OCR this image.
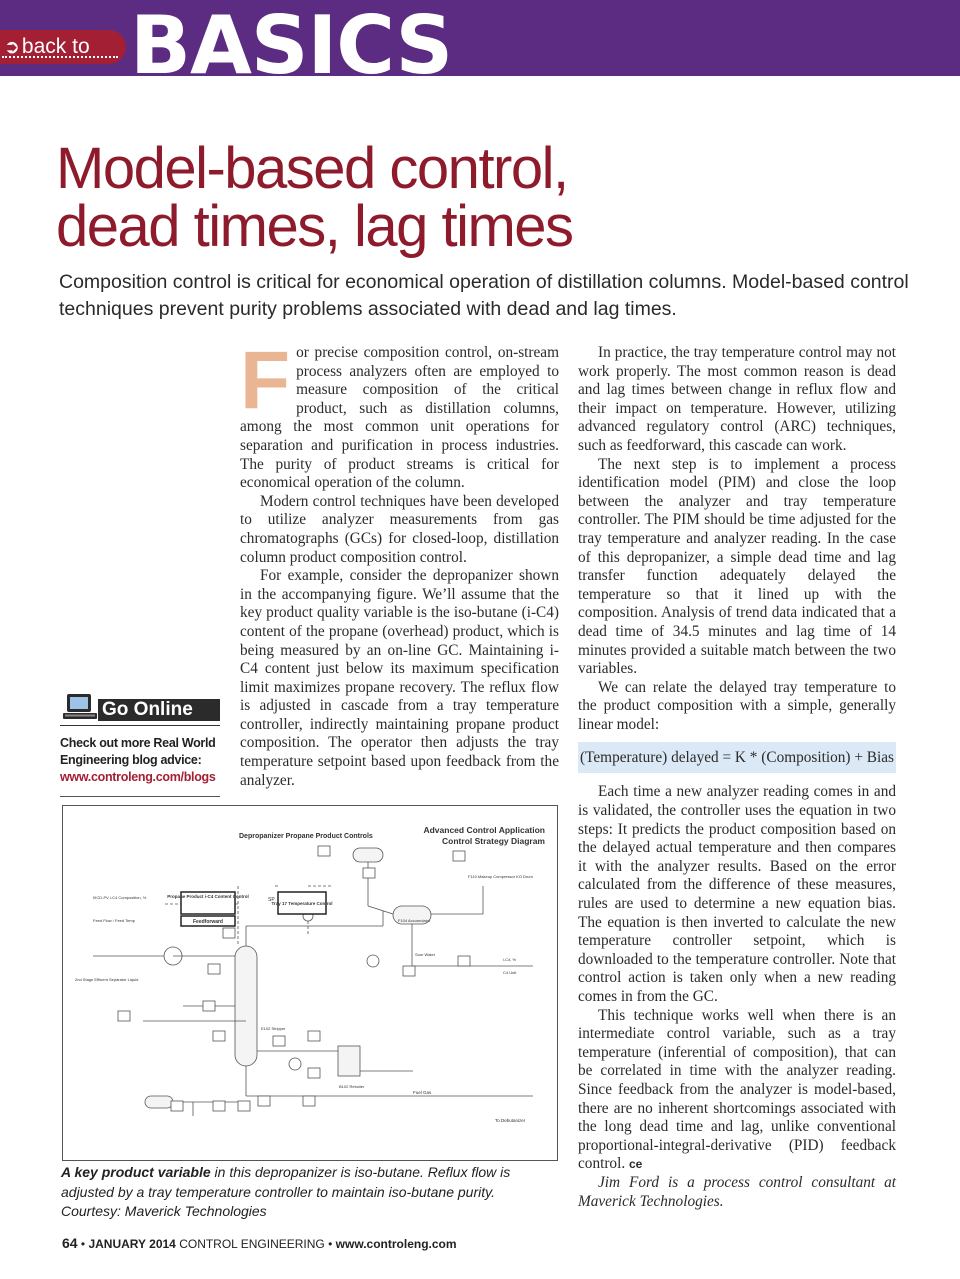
➲back to BASICS
Model-based control,
dead times, lag times

Composition control is critical for economical operation of distillation columns. Model-based control techniques prevent purity problems associated with dead and lag times.

Go Online
Check out more Real World Engineering blog advice:
www.controleng.com/blogs

For precise composition control, on-stream process analyzers often are employed to measure composition of the critical product, such as distillation columns, among the most common unit operations for separation and purification in process industries. The purity of product streams is critical for economical operation of the column.

Modern control techniques have been developed to utilize analyzer measurements from gas chromatographs (GCs) for closed-loop, distillation column product composition control.

For example, consider the depropanizer shown in the accompanying figure. We’ll assume that the key product quality variable is the iso-butane (i-C4) content of the propane (overhead) product, which is being measured by an on-line GC. Maintaining i-C4 content just below its maximum specification limit maximizes propane recovery. The reflux flow is adjusted in cascade from a tray temperature controller, indirectly maintaining propane product composition. The operator then adjusts the tray temperature setpoint based upon feedback from the analyzer.

In practice, the tray temperature control may not work properly. The most common reason is dead and lag times between change in reflux flow and their impact on temperature. However, utilizing advanced regulatory control (ARC) techniques, such as feedforward, this cascade can work.

The next step is to implement a process identification model (PIM) and close the loop between the analyzer and tray temperature controller. The PIM should be time adjusted for the tray temperature and analyzer reading. In the case of this depropanizer, a simple dead time and lag transfer function adequately delayed the temperature so that it lined up with the composition. Analysis of trend data indicated that a dead time of 34.5 minutes and lag time of 14 minutes provided a suitable match between the two variables.

We can relate the delayed tray temperature to the product composition with a simple, generally linear model:

(Temperature) delayed = K * (Composition) + Bias

Each time a new analyzer reading comes in and is validated, the controller uses the equation in two steps: It predicts the product composition based on the delayed actual temperature and then compares it with the analyzer results. Based on the error calculated from the difference of these measures, rules are used to determine a new equation bias. The equation is then inverted to calculate the new temperature controller setpoint, which is downloaded to the temperature controller. Note that control action is taken only when a new reading comes in from the GC.

This technique works well when there is an intermediate control variable, such as a tray temperature (inferential of composition), that can be correlated in time with the analyzer reading. Since feedback from the analyzer is model-based, there are no inherent shortcomings associated with the long dead time and lag, unlike conventional proportional-integral-derivative (PID) feedback control. ce

Jim Ford is a process control consultant at Maverick Technologies.

Depropanizer Propane Product Controls
Advanced Control Application
Control Strategy Diagram
Propane Product i-C4 Content Control
Feedforward
Tray 17 Temperature Control
SP
IIICD-PV i-C4 Composition, %
Feed Flow / Feed Temp
2nd Stage Effluent Separator Liquid
F104 Accumulator
F110 Makeup Compressor KO Drum
Sour Water
i-C4, %
C4 Unit
Fuel Gas
To Debutanizer
E102 Stripper
B102 Reboiler
A key product variable in this depropanizer is iso-butane. Reflux flow is adjusted by a tray temperature controller to maintain iso-butane purity.
Courtesy: Maverick Technologies
64 • JANUARY 2014 CONTROL ENGINEERING • www.controleng.com
